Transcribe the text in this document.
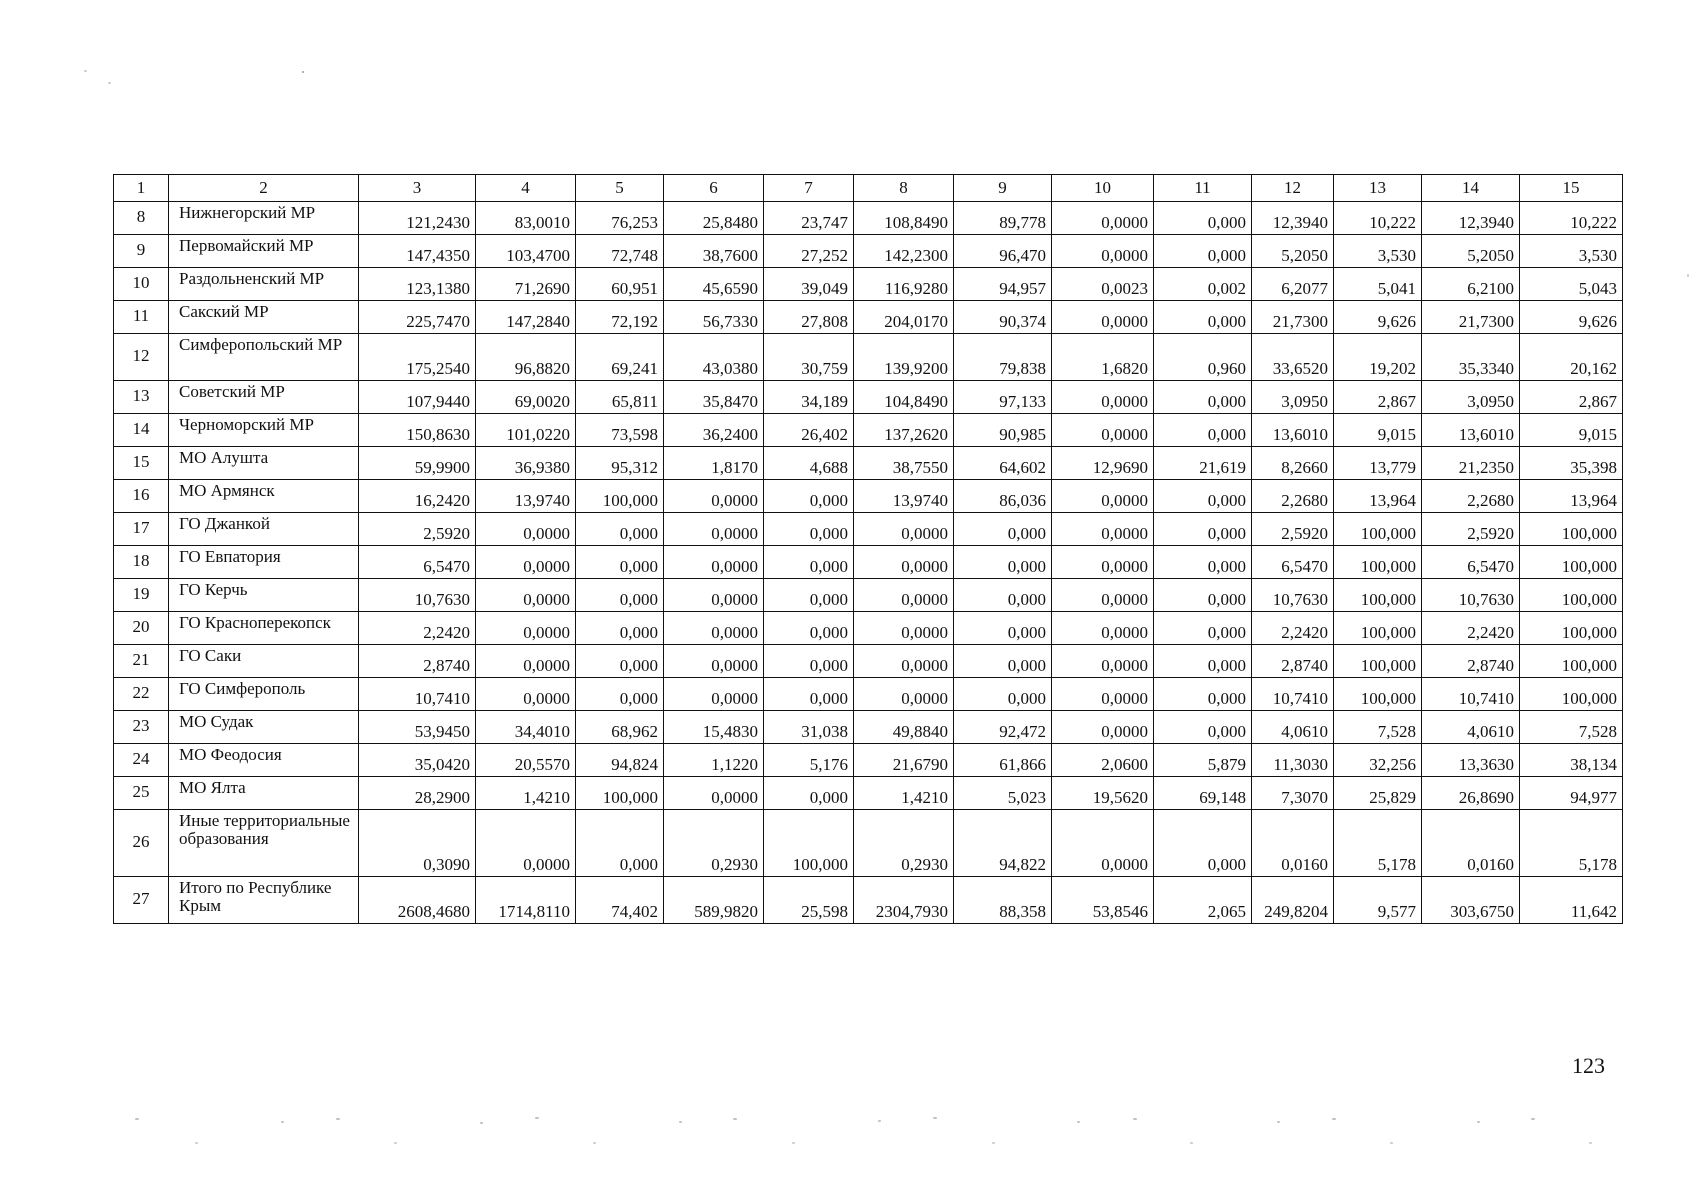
1	2	3	4	5	6	7	8	9	10	11	12	13	14	15
8	Нижнегорский МР	121,2430	83,0010	76,253	25,8480	23,747	108,8490	89,778	0,0000	0,000	12,3940	10,222	12,3940	10,222
9	Первомайский МР	147,4350	103,4700	72,748	38,7600	27,252	142,2300	96,470	0,0000	0,000	5,2050	3,530	5,2050	3,530
10	Раздольненский МР	123,1380	71,2690	60,951	45,6590	39,049	116,9280	94,957	0,0023	0,002	6,2077	5,041	6,2100	5,043
11	Сакский МР	225,7470	147,2840	72,192	56,7330	27,808	204,0170	90,374	0,0000	0,000	21,7300	9,626	21,7300	9,626
12	Симферопольский МР	175,2540	96,8820	69,241	43,0380	30,759	139,9200	79,838	1,6820	0,960	33,6520	19,202	35,3340	20,162
13	Советский МР	107,9440	69,0020	65,811	35,8470	34,189	104,8490	97,133	0,0000	0,000	3,0950	2,867	3,0950	2,867
14	Черноморский МР	150,8630	101,0220	73,598	36,2400	26,402	137,2620	90,985	0,0000	0,000	13,6010	9,015	13,6010	9,015
15	МО Алушта	59,9900	36,9380	95,312	1,8170	4,688	38,7550	64,602	12,9690	21,619	8,2660	13,779	21,2350	35,398
16	МО Армянск	16,2420	13,9740	100,000	0,0000	0,000	13,9740	86,036	0,0000	0,000	2,2680	13,964	2,2680	13,964
17	ГО Джанкой	2,5920	0,0000	0,000	0,0000	0,000	0,0000	0,000	0,0000	0,000	2,5920	100,000	2,5920	100,000
18	ГО Евпатория	6,5470	0,0000	0,000	0,0000	0,000	0,0000	0,000	0,0000	0,000	6,5470	100,000	6,5470	100,000
19	ГО Керчь	10,7630	0,0000	0,000	0,0000	0,000	0,0000	0,000	0,0000	0,000	10,7630	100,000	10,7630	100,000
20	ГО Красноперекопск	2,2420	0,0000	0,000	0,0000	0,000	0,0000	0,000	0,0000	0,000	2,2420	100,000	2,2420	100,000
21	ГО Саки	2,8740	0,0000	0,000	0,0000	0,000	0,0000	0,000	0,0000	0,000	2,8740	100,000	2,8740	100,000
22	ГО Симферополь	10,7410	0,0000	0,000	0,0000	0,000	0,0000	0,000	0,0000	0,000	10,7410	100,000	10,7410	100,000
23	МО Судак	53,9450	34,4010	68,962	15,4830	31,038	49,8840	92,472	0,0000	0,000	4,0610	7,528	4,0610	7,528
24	МО Феодосия	35,0420	20,5570	94,824	1,1220	5,176	21,6790	61,866	2,0600	5,879	11,3030	32,256	13,3630	38,134
25	МО Ялта	28,2900	1,4210	100,000	0,0000	0,000	1,4210	5,023	19,5620	69,148	7,3070	25,829	26,8690	94,977
26	Иные территориальные образования	0,3090	0,0000	0,000	0,2930	100,000	0,2930	94,822	0,0000	0,000	0,0160	5,178	0,0160	5,178
27	Итого по Республике Крым	2608,4680	1714,8110	74,402	589,9820	25,598	2304,7930	88,358	53,8546	2,065	249,8204	9,577	303,6750	11,642
123
